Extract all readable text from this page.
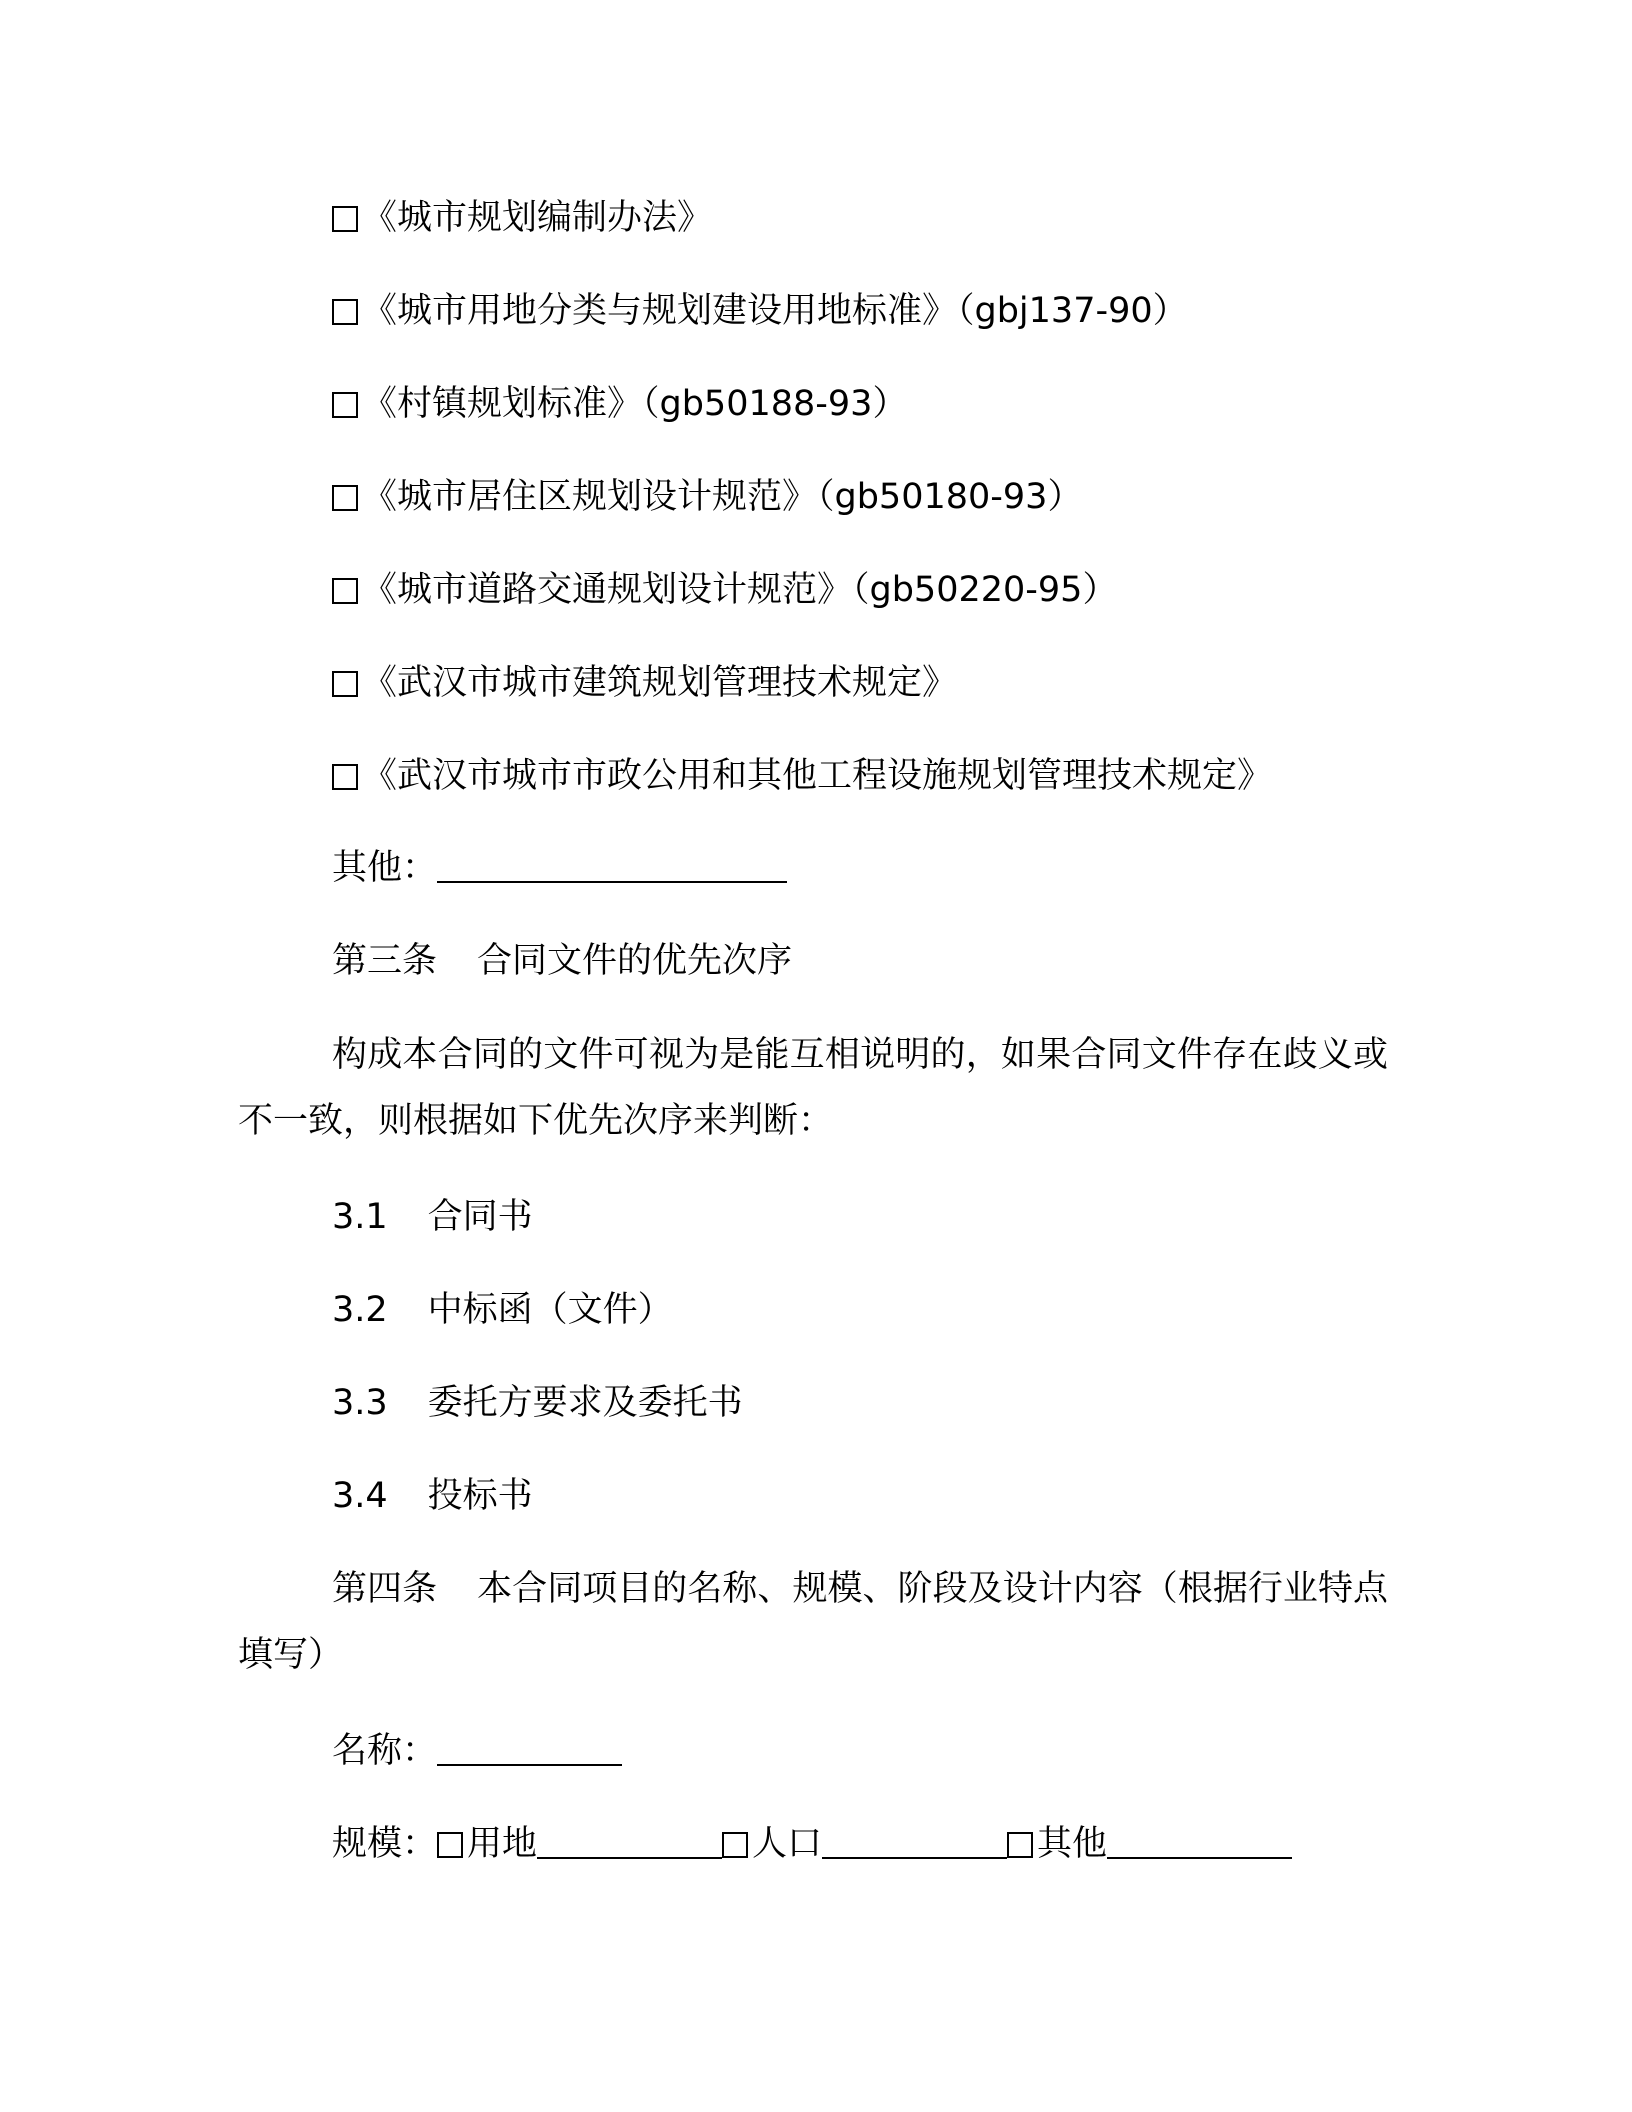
《城市规划编制办法》
《城市用地分类与规划建设用地标准》（gbj137-90）
《村镇规划标准》（gb50188-93）
《城市居住区规划设计规范》（gb50180-93）
《城市道路交通规划设计规范》（gb50220-95）
《武汉市城市建筑规划管理技术规定》
《武汉市城市市政公用和其他工程设施规划管理技术规定》
其他：
第三条 合同文件的优先次序
构成本合同的文件可视为是能互相说明的，如果合同文件存在歧义或不一致，则根据如下优先次序来判断：
3.1 合同书
3.2 中标函（文件）
3.3 委托方要求及委托书
3.4 投标书
第四条 本合同项目的名称、规模、阶段及设计内容（根据行业特点填写）
名称：
规模： 用地	人口	其他
